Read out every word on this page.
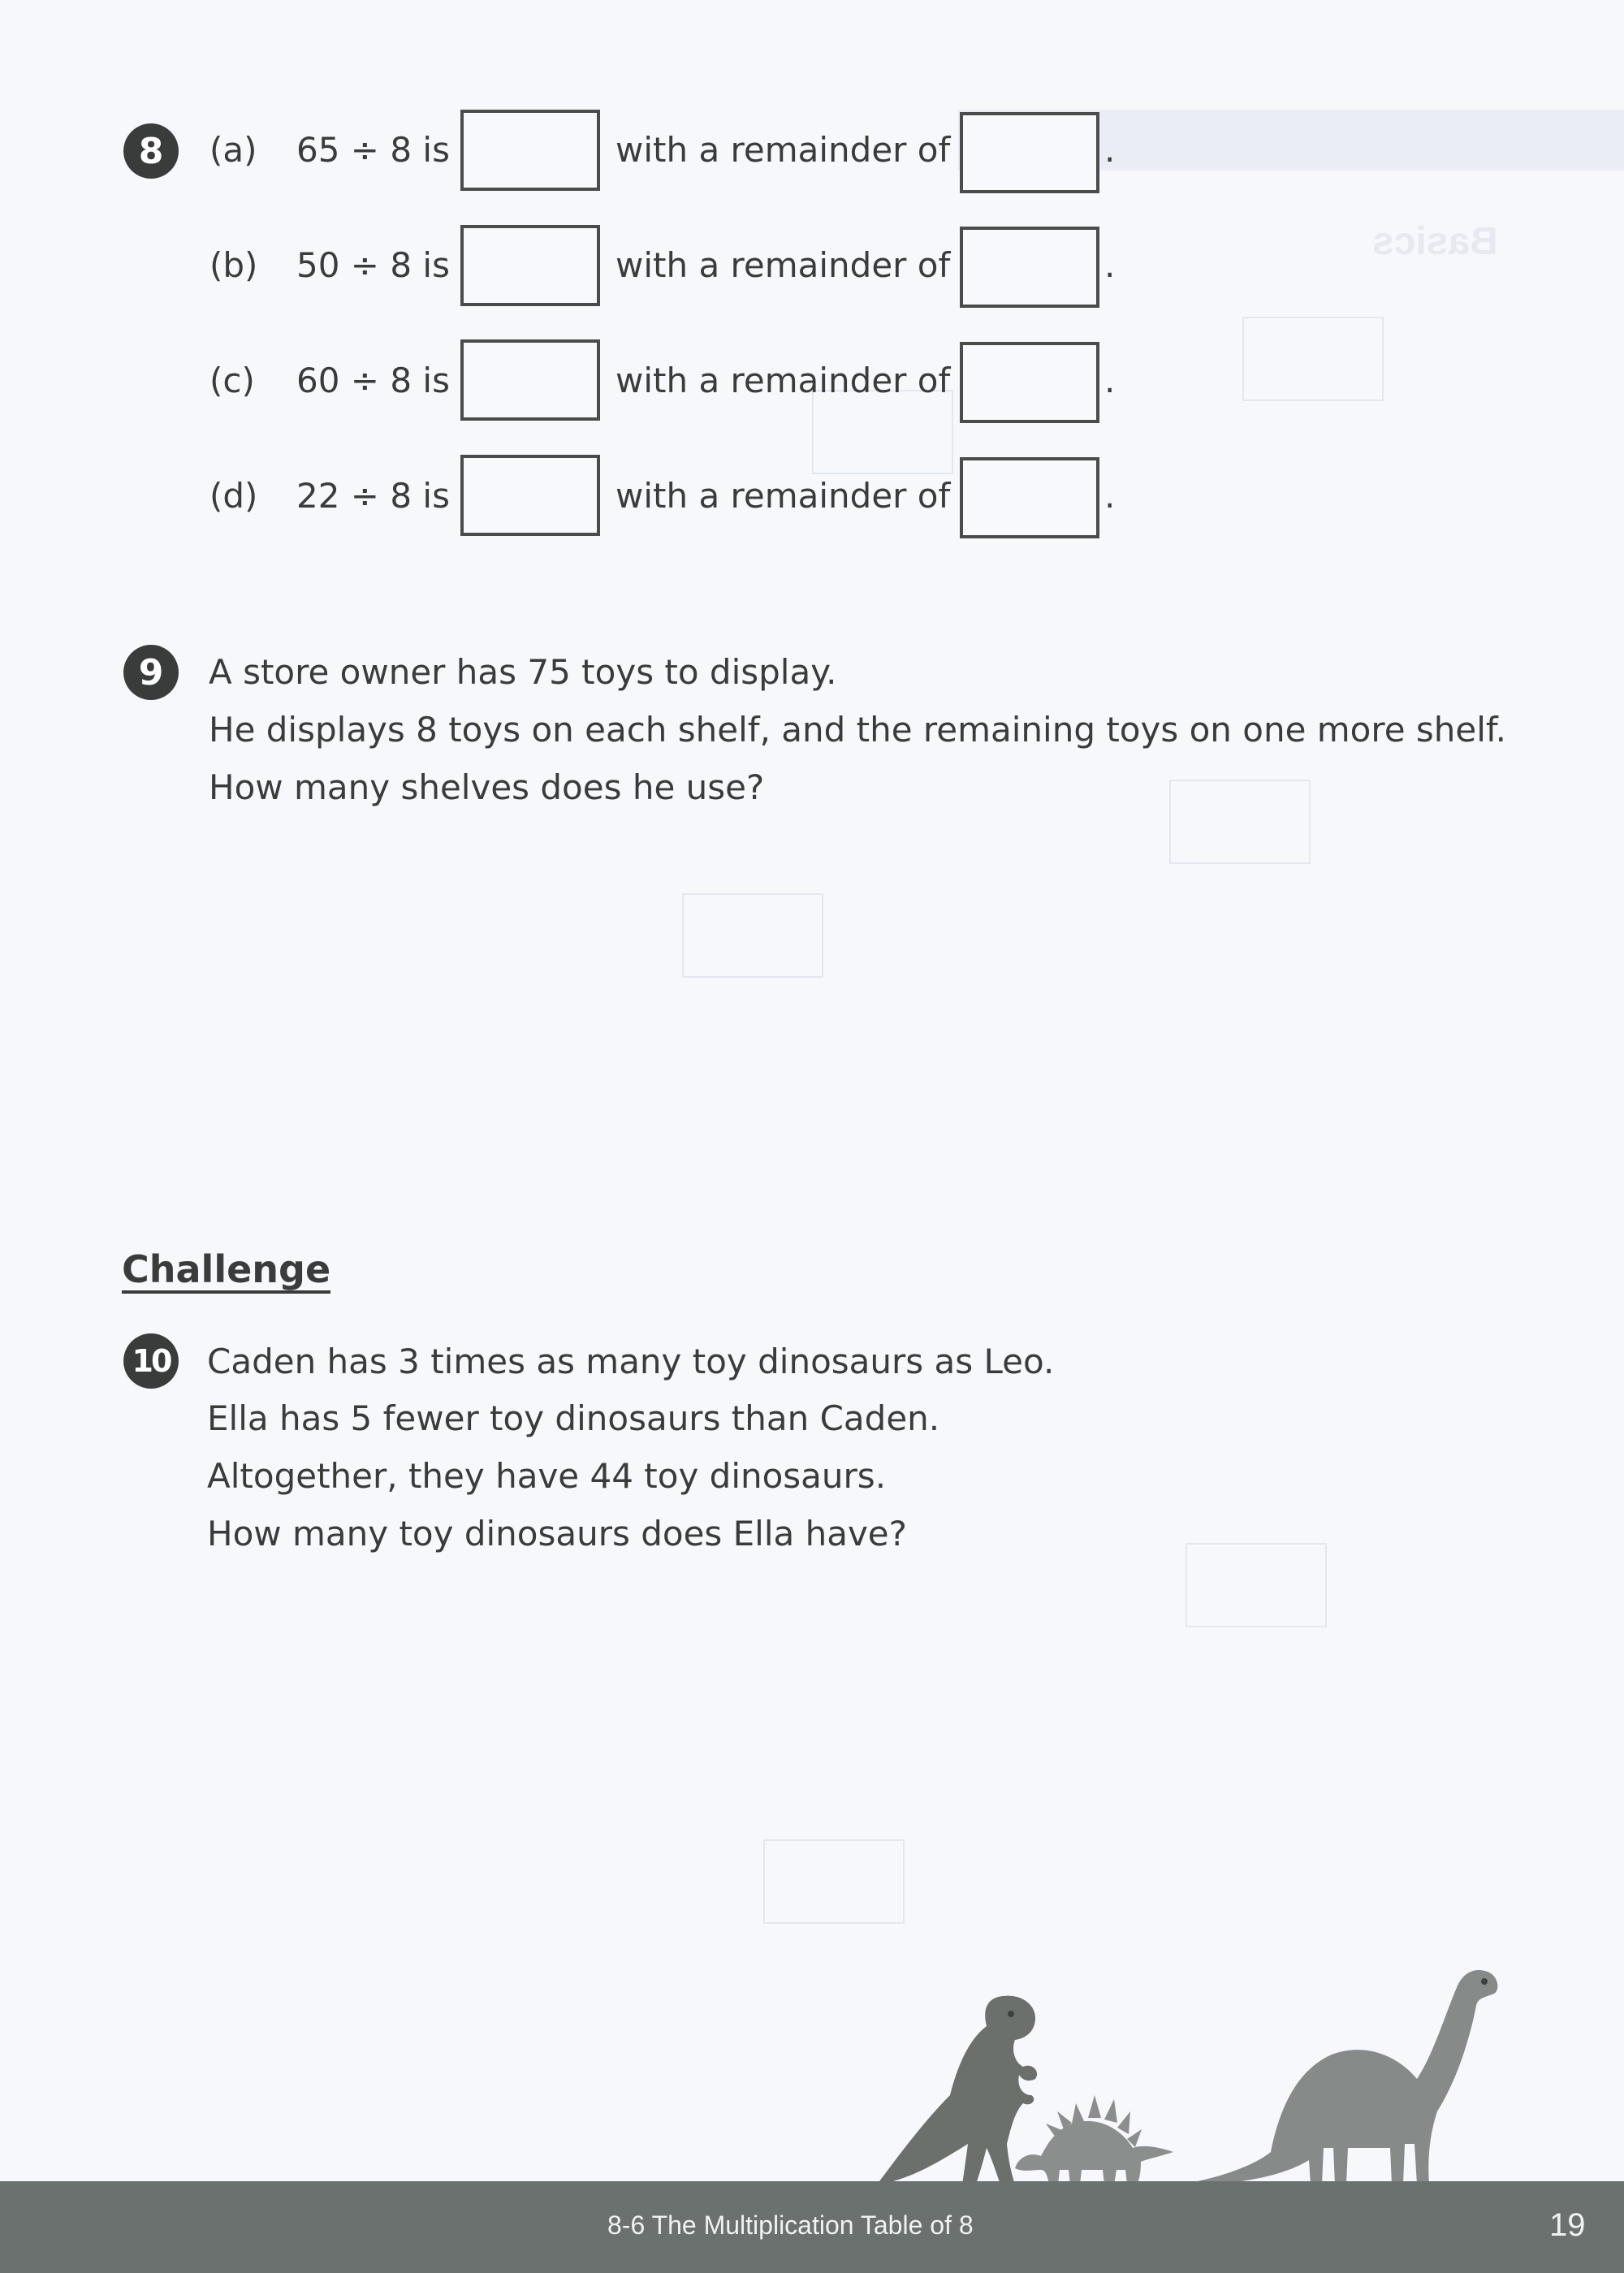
Basics
8	(a) 65 ÷ 8 is	with a remainder of	.
(b) 50 ÷ 8 is	with a remainder of	.
(c) 60 ÷ 8 is	with a remainder of	.
(d) 22 ÷ 8 is	with a remainder of	.
9	A store owner has 75 toys to display.
He displays 8 toys on each shelf, and the remaining toys on one more shelf.
How many shelves does he use?
Challenge
10 Caden has 3 times as many toy dinosaurs as Leo.
Ella has 5 fewer toy dinosaurs than Caden.
Altogether, they have 44 toy dinosaurs.
How many toy dinosaurs does Ella have?
8-6 The Multiplication Table of 8	19
